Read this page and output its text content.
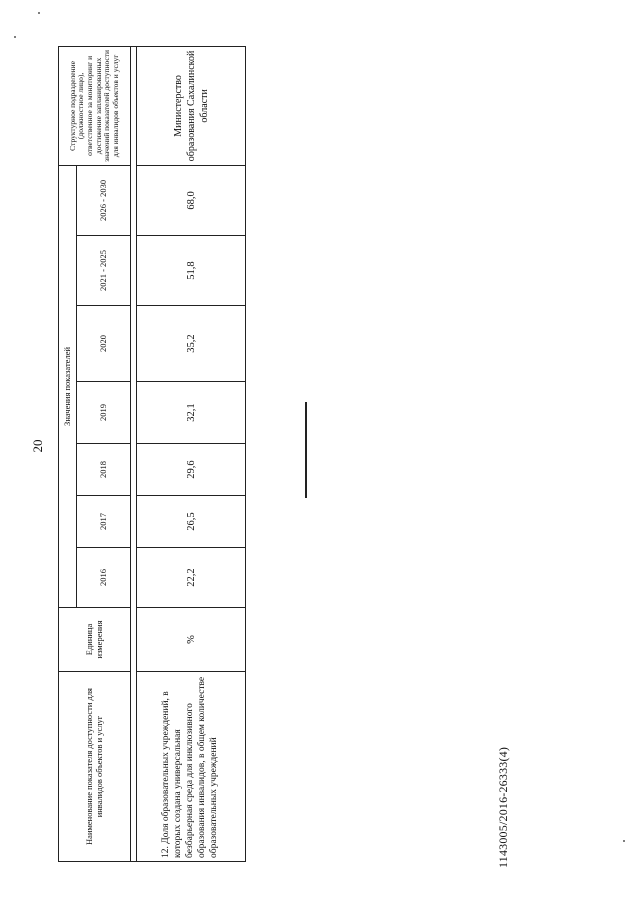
20
1143005/2016-26333(4)
Наименование показателя доступности для инвалидов объектов и услуг	Единица измерения	Значения показателей							Структурное подразделение (должностное лицо), ответственное за мониторинг и достижение запланированных значений показателей доступности для инвалидов объектов и услуг
		2016	2017	2018	2019	2020	2021 - 2025	2026 - 2030	

12. Доля образовательных учреждений, в которых создана универсальная безбарьерная среда для инклюзивного образования инвалидов, в общем количестве образовательных учреждений	%	22,2	26,5	29,6	32,1	35,2	51,8	68,0	Министерство образования Сахалинской области
